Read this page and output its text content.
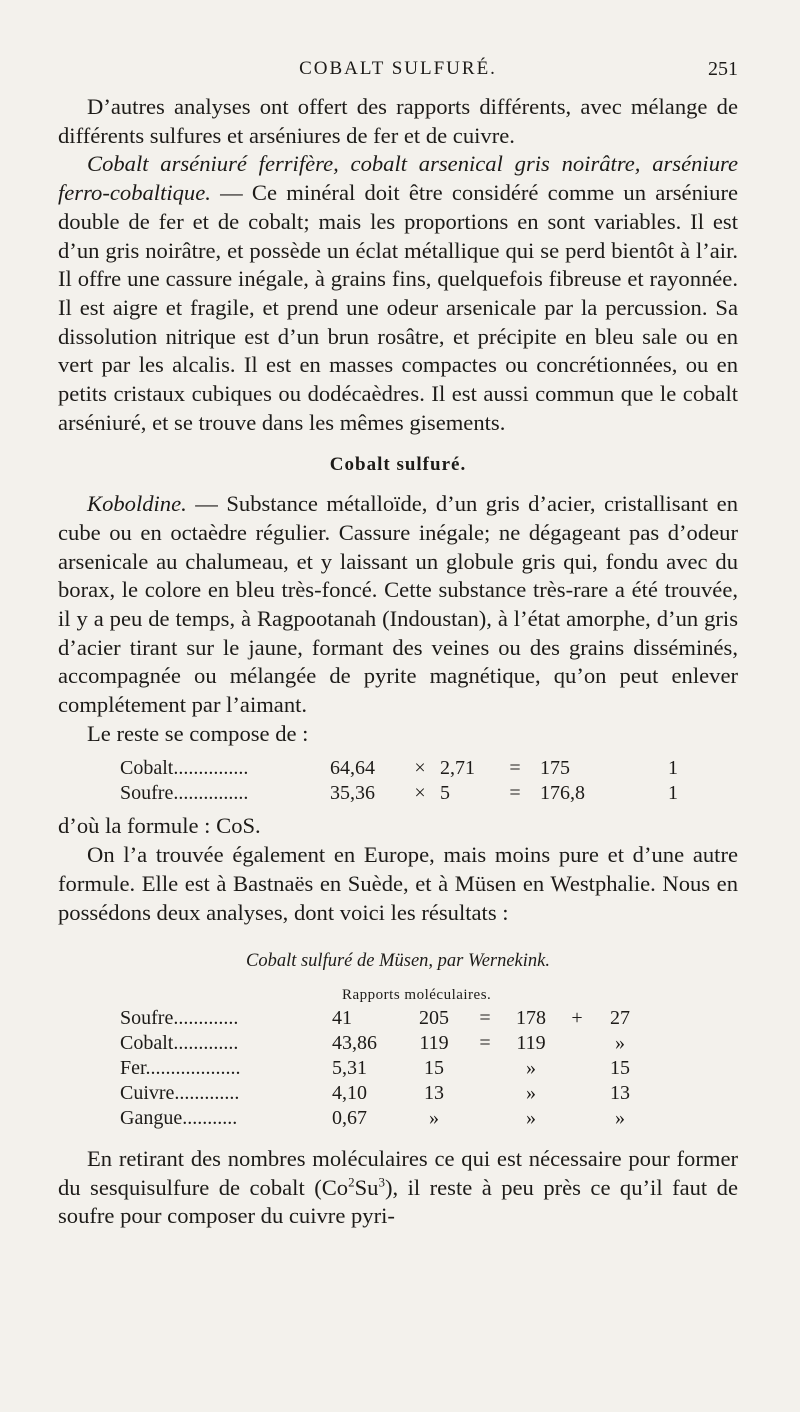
COBALT SULFURÉ.	251

D’autres analyses ont offert des rapports différents, avec mélange de différents sulfures et arséniures de fer et de cuivre.

Cobalt arséniuré ferrifère, cobalt arsenical gris noirâtre, arséniure ferro-cobaltique. — Ce minéral doit être considéré comme un arséniure double de fer et de cobalt; mais les proportions en sont variables. Il est d’un gris noirâtre, et possède un éclat métallique qui se perd bientôt à l’air. Il offre une cassure inégale, à grains fins, quelquefois fibreuse et rayonnée. Il est aigre et fragile, et prend une odeur arsenicale par la percussion. Sa dissolution nitrique est d’un brun rosâtre, et précipite en bleu sale ou en vert par les alcalis. Il est en masses compactes ou concrétionnées, ou en petits cristaux cubiques ou dodécaèdres. Il est aussi commun que le cobalt arséniuré, et se trouve dans les mêmes gisements.

Cobalt sulfuré.

Koboldine. — Substance métalloïde, d’un gris d’acier, cristallisant en cube ou en octaèdre régulier. Cassure inégale; ne dégageant pas d’odeur arsenicale au chalumeau, et y laissant un globule gris qui, fondu avec du borax, le colore en bleu très-foncé. Cette substance très-rare a été trouvée, il y a peu de temps, à Ragpootanah (Indoustan), à l’état amorphe, d’un gris d’acier tirant sur le jaune, formant des veines ou des grains disséminés, accompagnée ou mélangée de pyrite magnétique, qu’on peut enlever complétement par l’aimant.

Le reste se compose de :

Cobalt...............	64,64	×	2,71	=	175	1
Soufre...............	35,36	×	5	=	176,8	1

d’où la formule : CoS.

On l’a trouvée également en Europe, mais moins pure et d’une autre formule. Elle est à Bastnaës en Suède, et à Müsen en Westphalie. Nous en possédons deux analyses, dont voici les résultats :

Cobalt sulfuré de Müsen, par Wernekink.
Rapports moléculaires.
Soufre.............	41	205	=	178	+	27
Cobalt.............	43,86	119	=	119		»
Fer...................	5,31	15		»		15
Cuivre.............	4,10	13		»		13
Gangue...........	0,67	»		»		»

En retirant des nombres moléculaires ce qui est nécessaire pour former du sesquisulfure de cobalt (Co$^2$Su$^3$), il reste à peu près ce qu’il faut de soufre pour composer du cuivre pyri-
